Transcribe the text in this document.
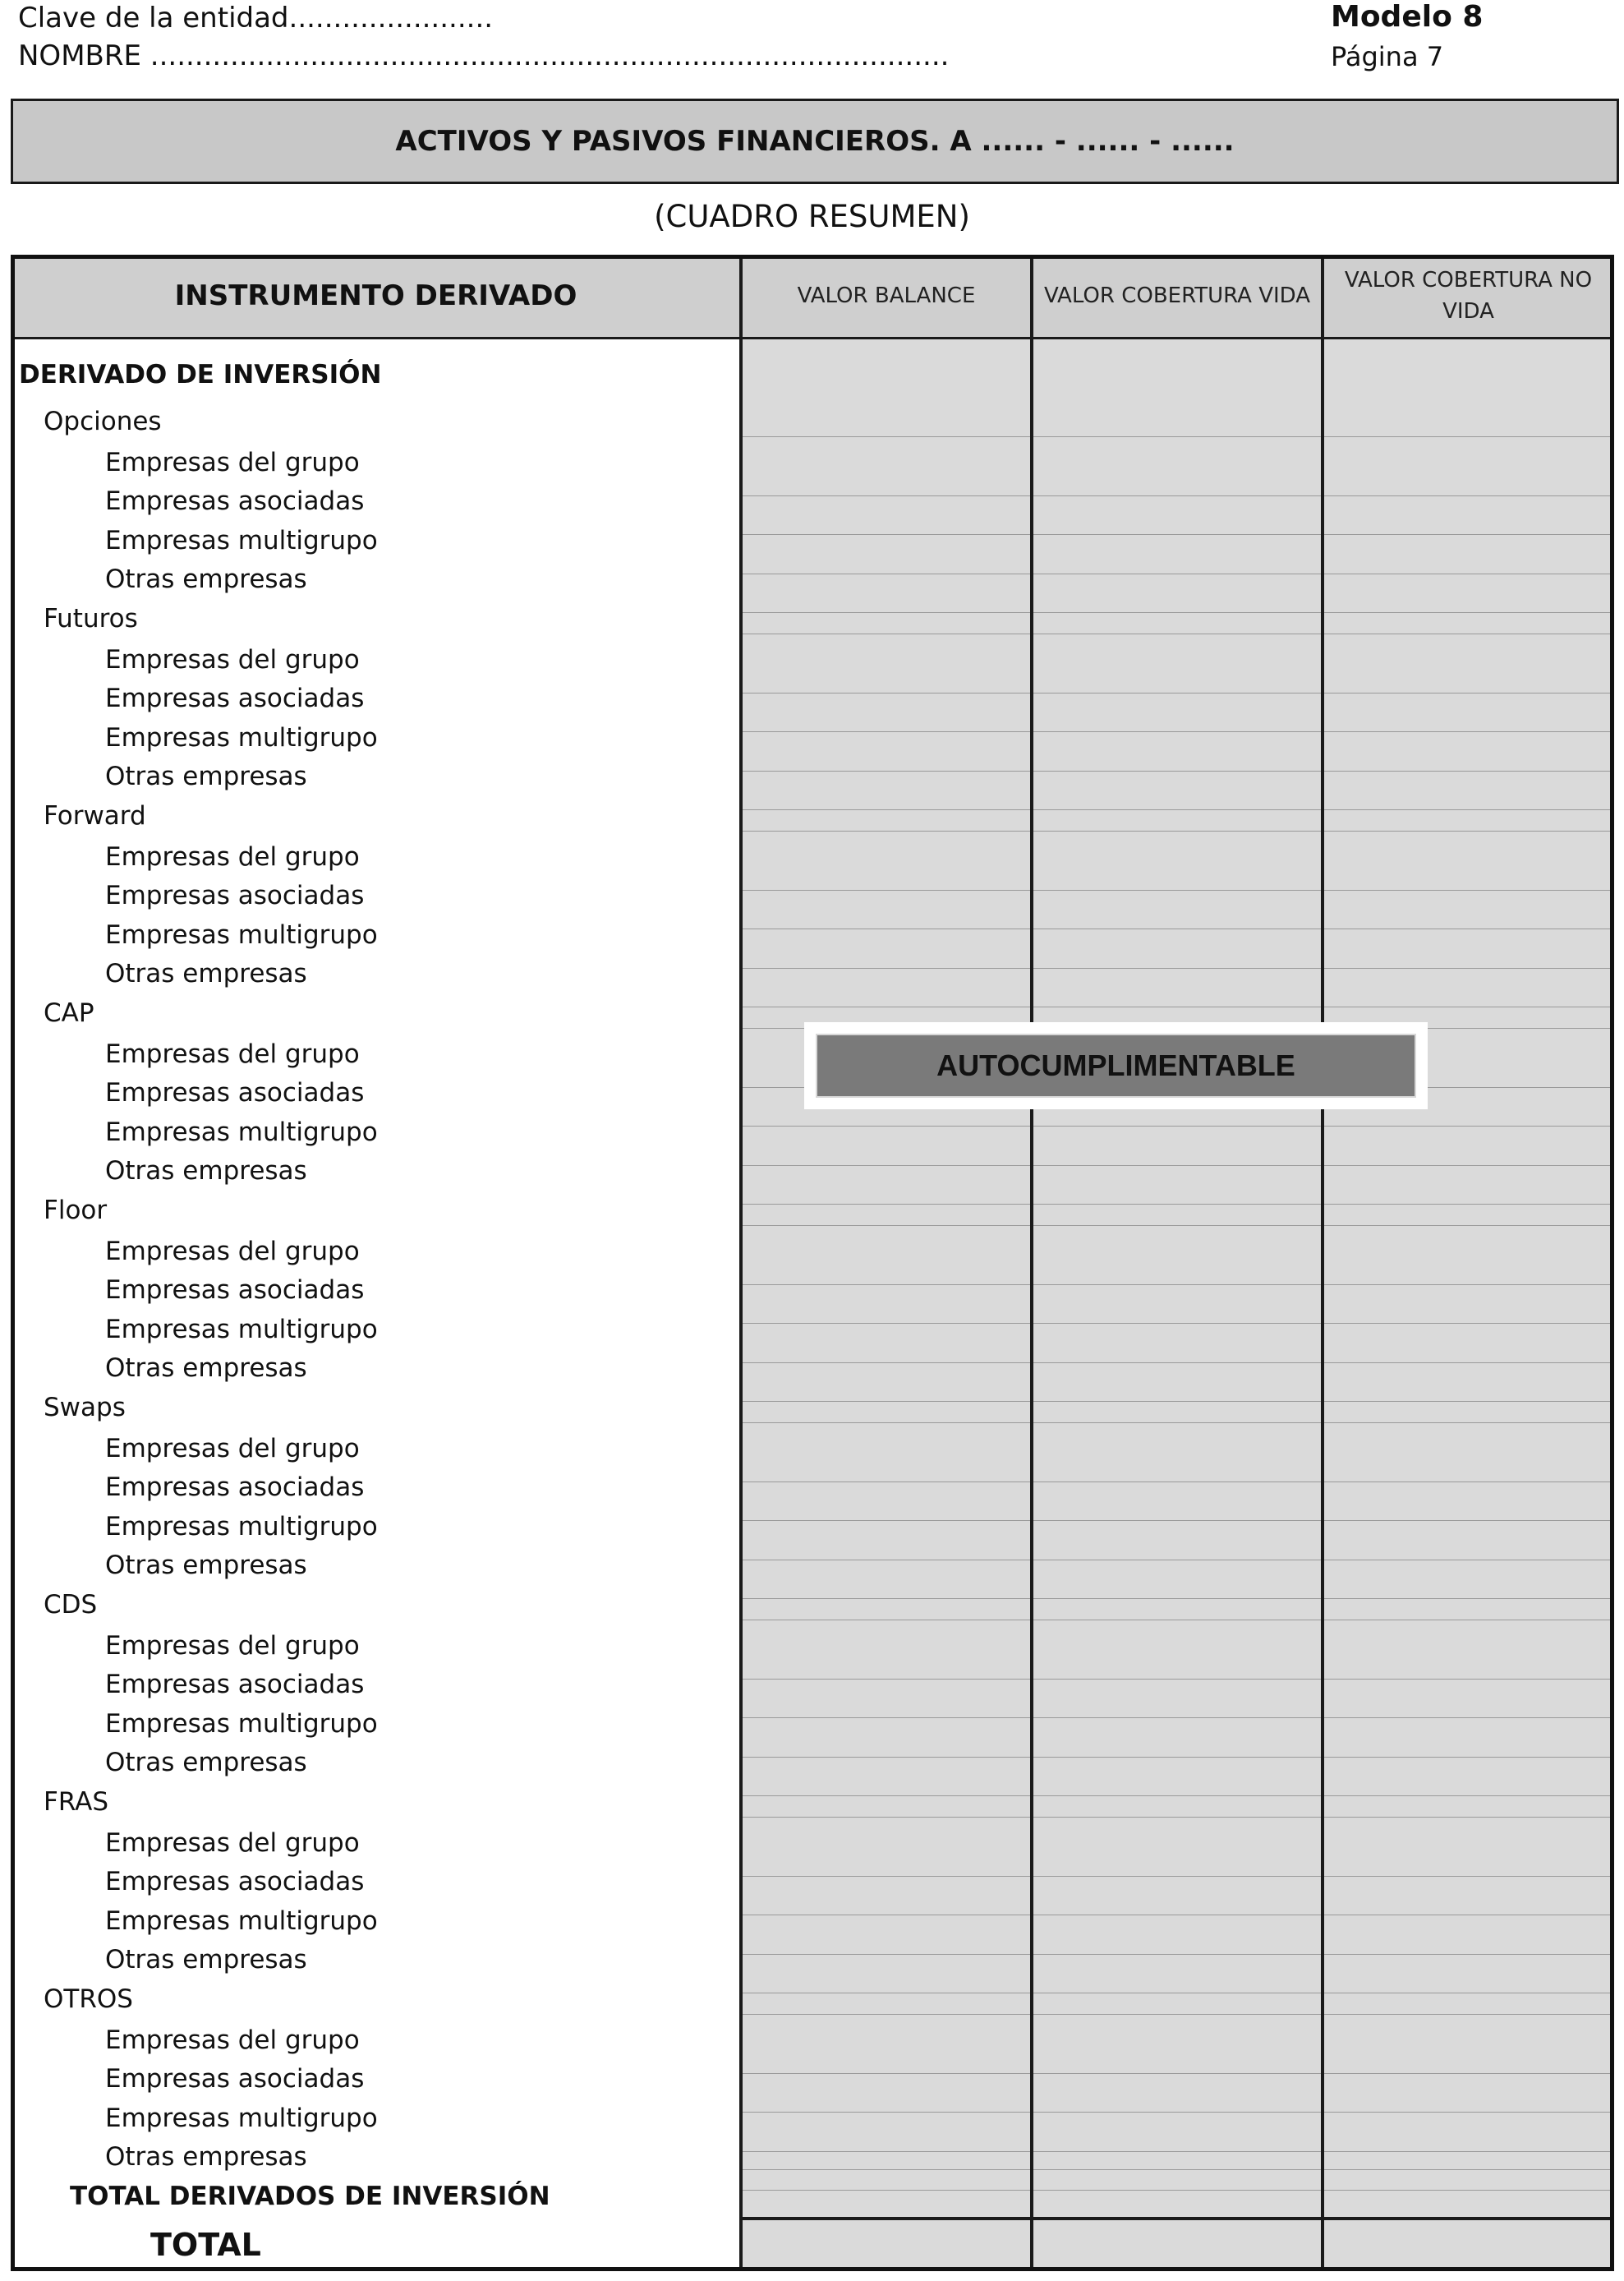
Clave de la entidad.......................
NOMBRE ..........................................................................................
Modelo 8
Página 7
ACTIVOS Y PASIVOS FINANCIEROS. A ...... - ...... - ......
(CUADRO RESUMEN)
INSTRUMENTO DERIVADO	VALOR BALANCE	VALOR COBERTURA VIDA
VALOR COBERTURA NO VIDA
DERIVADO DE INVERSIÓN
Opciones
Empresas del grupo
Empresas asociadas
Empresas multigrupo
Otras empresas
Futuros
Empresas del grupo
Empresas asociadas
Empresas multigrupo
Otras empresas
Forward
Empresas del grupo
Empresas asociadas
Empresas multigrupo
Otras empresas
CAP
Empresas del grupo
Empresas asociadas
Empresas multigrupo
Otras empresas
Floor
Empresas del grupo
Empresas asociadas
Empresas multigrupo
Otras empresas
Swaps
Empresas del grupo
Empresas asociadas
Empresas multigrupo
Otras empresas
CDS
Empresas del grupo
Empresas asociadas
Empresas multigrupo
Otras empresas
FRAS
Empresas del grupo
Empresas asociadas
Empresas multigrupo
Otras empresas
OTROS
Empresas del grupo
Empresas asociadas
Empresas multigrupo
Otras empresas
TOTAL DERIVADOS DE INVERSIÓN
TOTAL
AUTOCUMPLIMENTABLE
